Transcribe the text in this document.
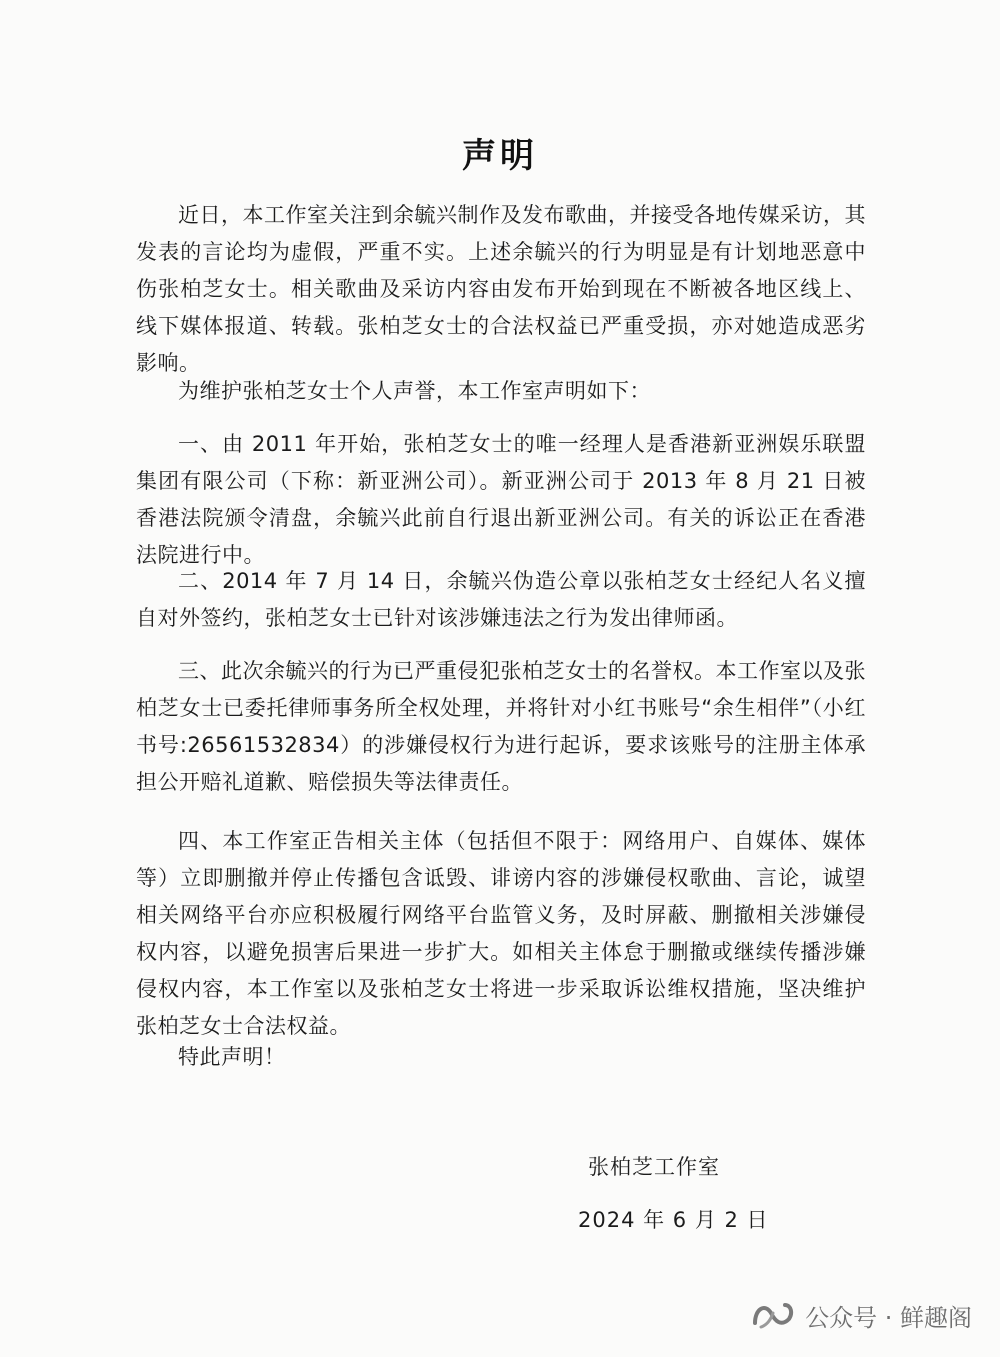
声明
近日，本工作室关注到余毓兴制作及发布歌曲，并接受各地传媒采访，其发表的言论均为虚假，严重不实。上述余毓兴的行为明显是有计划地恶意中伤张柏芝女士。相关歌曲及采访内容由发布开始到现在不断被各地区线上、线下媒体报道、转载。张柏芝女士的合法权益已严重受损，亦对她造成恶劣影响。
为维护张柏芝女士个人声誉，本工作室声明如下：
一、由 2011 年开始，张柏芝女士的唯一经理人是香港新亚洲娱乐联盟集团有限公司（下称：新亚洲公司）。新亚洲公司于 2013 年 8 月 21 日被香港法院颁令清盘，余毓兴此前自行退出新亚洲公司。有关的诉讼正在香港法院进行中。
二、2014 年 7 月 14 日，余毓兴伪造公章以张柏芝女士经纪人名义擅自对外签约，张柏芝女士已针对该涉嫌违法之行为发出律师函。
三、此次余毓兴的行为已严重侵犯张柏芝女士的名誉权。本工作室以及张柏芝女士已委托律师事务所全权处理，并将针对小红书账号“余生相伴”（小红书号:2656153​2834）的涉嫌侵权行为进行起诉，要求该账号的注册主体承担公开赔礼道歉、赔偿损失等法律责任。
四、本工作室正告相关主体（包括但不限于：网络用户、自媒体、媒体等）立即删撤并停止传播包含诋毁、诽谤内容的涉嫌侵权歌曲、言论，诚望相关网络平台亦应积极履行网络平台监管义务，及时屏蔽、删撤相关涉嫌侵权内容，以避免损害后果进一步扩大。如相关主体怠于删撤或继续传播涉嫌侵权内容，本工作室以及张柏芝女士将进一步采取诉讼维权措施，坚决维护张柏芝女士合法权益。
特此声明！
张柏芝工作室
2024 年 6 月 2 日
公众号 · 鲜趣阁
